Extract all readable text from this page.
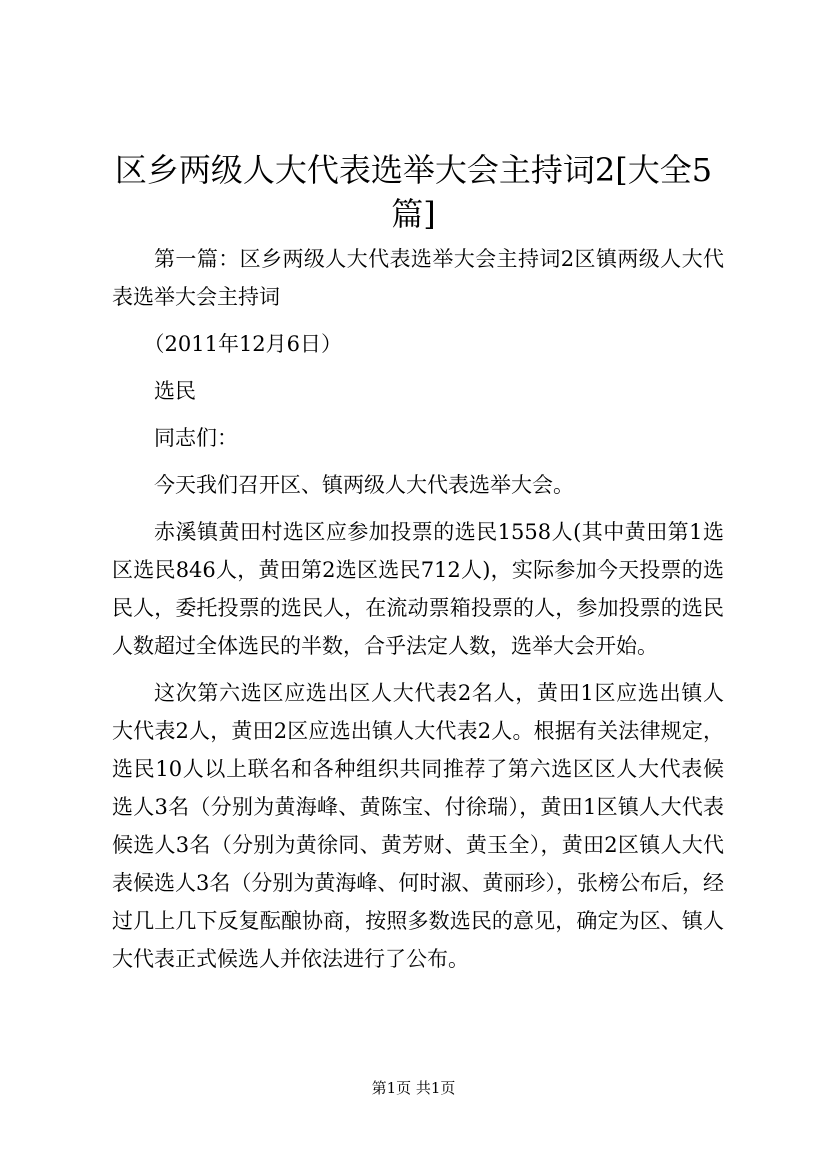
区乡两级人大代表选举大会主持词2[大全5篇]

第一篇：区乡两级人大代表选举大会主持词2区镇两级人大代表选举大会主持词

（2011年12月6日）

选民

同志们：

今天我们召开区、镇两级人大代表选举大会。

赤溪镇黄田村选区应参加投票的选民1558人(其中黄田第1选区选民846人，黄田第2选区选民712人)，实际参加今天投票的选民人，委托投票的选民人，在流动票箱投票的人，参加投票的选民人数超过全体选民的半数，合乎法定人数，选举大会开始。

这次第六选区应选出区人大代表2名人，黄田1区应选出镇人大代表2人，黄田2区应选出镇人大代表2人。根据有关法律规定，选民10人以上联名和各种组织共同推荐了第六选区区人大代表候选人3名（分别为黄海峰、黄陈宝、付徐瑞），黄田1区镇人大代表候选人3名（分别为黄徐同、黄芳财、黄玉全），黄田2区镇人大代表候选人3名（分别为黄海峰、何时淑、黄丽珍），张榜公布后，经过几上几下反复酝酿协商，按照多数选民的意见，确定为区、镇人大代表正式候选人并依法进行了公布。

第1页 共1页
